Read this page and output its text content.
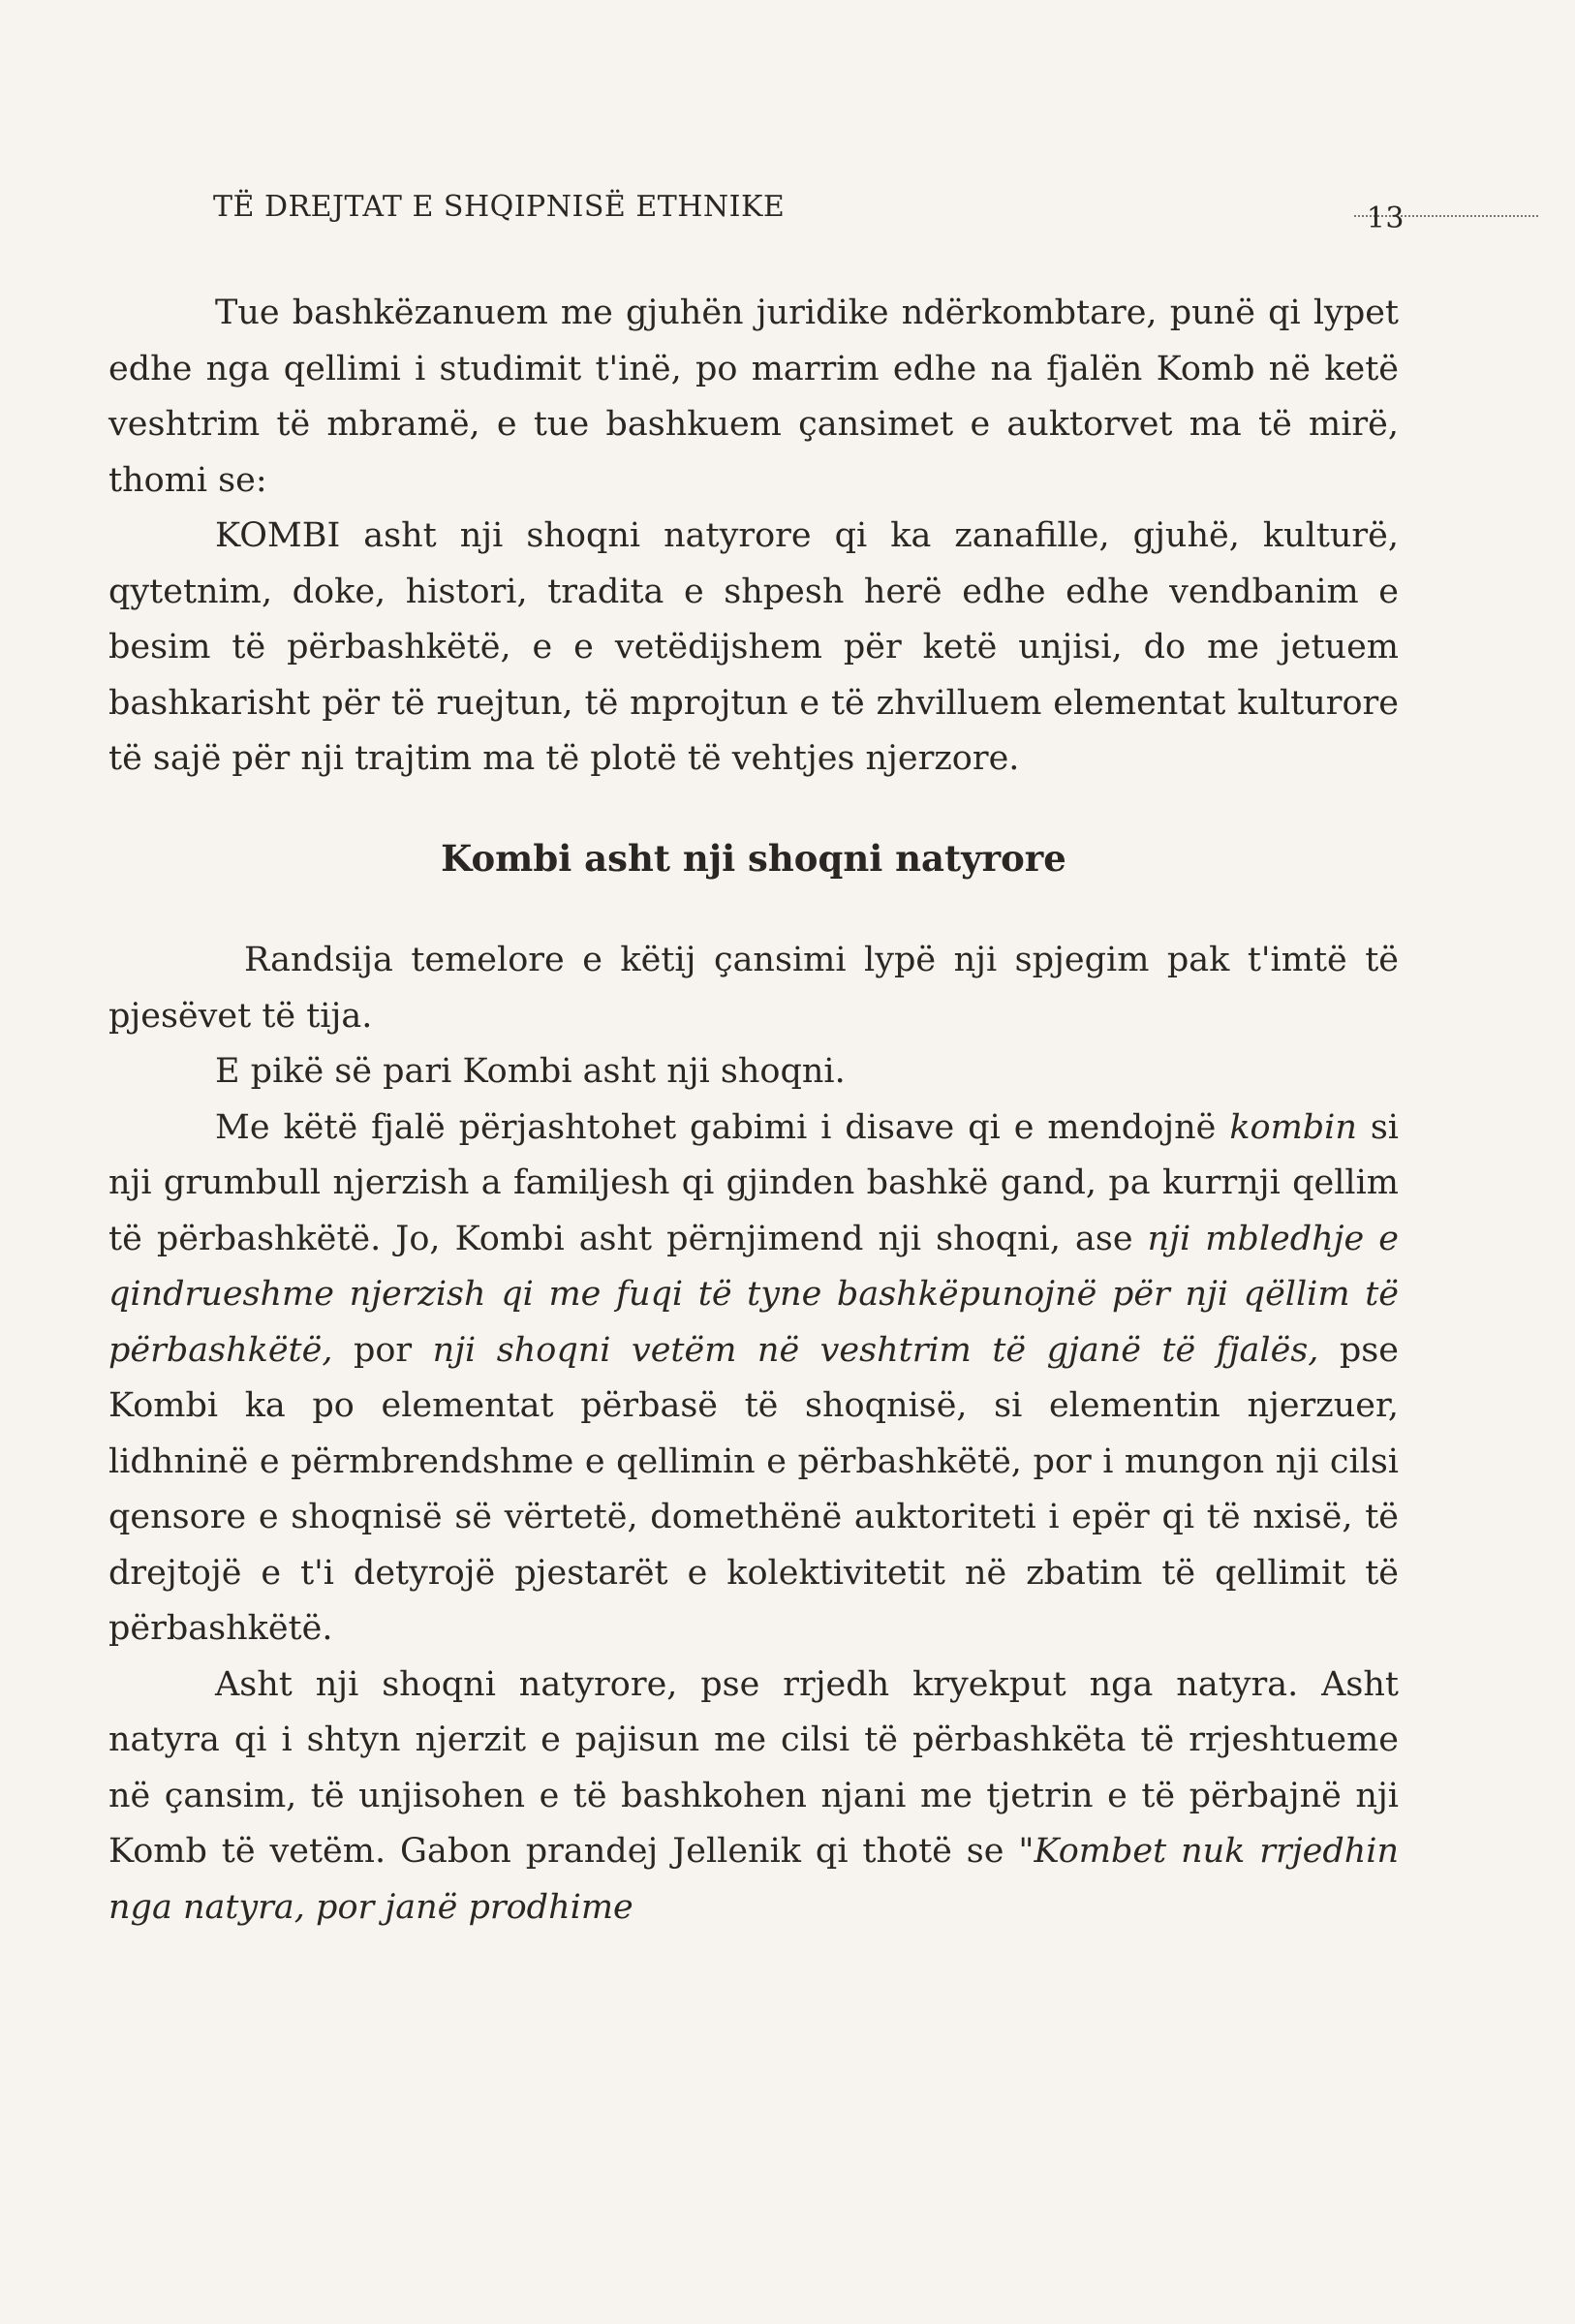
TË DREJTAT E SHQIPNISË ETHNIKE	13

Tue bashkëzanuem me gjuhën juridike ndërkombtare, punë qi lypet edhe nga qellimi i studimit t'inë, po marrim edhe na fjalën Komb në ketë veshtrim të mbramë, e tue bashkuem çansimet e auktorvet ma të mirë, thomi se:

KOMBI asht nji shoqni natyrore qi ka zanafille, gjuhë, kulturë, qytetnim, doke, histori, tradita e shpesh herë edhe edhe vendbanim e besim të përbashkëtë, e e vetëdijshem për ketë unjisi, do me jetuem bashkarisht për të ruejtun, të mprojtun e të zhvilluem elementat kulturore të sajë për nji trajtim ma të plotë të vehtjes njerzore.

Kombi asht nji shoqni natyrore

Randsija temelore e këtij çansimi lypë nji spjegim pak t'imtë të pjesëvet të tija.

E pikë së pari Kombi asht nji shoqni.

Me këtë fjalë përjashtohet gabimi i disave qi e mendojnë kombin si nji grumbull njerzish a familjesh qi gjinden bashkë gand, pa kurrnji qellim të përbashkëtë. Jo, Kombi asht përnjimend nji shoqni, ase nji mbledhje e qindrueshme njerzish qi me fuqi të tyne bashkëpunojnë për nji qëllim të përbashkëtë, por nji shoqni vetëm në veshtrim të gjanë të fjalës, pse Kombi ka po elementat përbasë të shoqnisë, si elementin njerzuer, lidhninë e përmbrendshme e qellimin e përbashkëtë, por i mungon nji cilsi qensore e shoqnisë së vërtetë, domethënë auktoriteti i epër qi të nxisë, të drejtojë e t'i detyrojë pjestarët e kolektivitetit në zbatim të qellimit të përbashkëtë.

Asht nji shoqni natyrore, pse rrjedh kryekput nga natyra. Asht natyra qi i shtyn njerzit e pajisun me cilsi të përbashkëta të rrjeshtueme në çansim, të unjisohen e të bashkohen njani me tjetrin e të përbajnë nji Komb të vetëm. Gabon prandej Jellenik qi thotë se "Kombet nuk rrjedhin nga natyra, por janë prodhime
